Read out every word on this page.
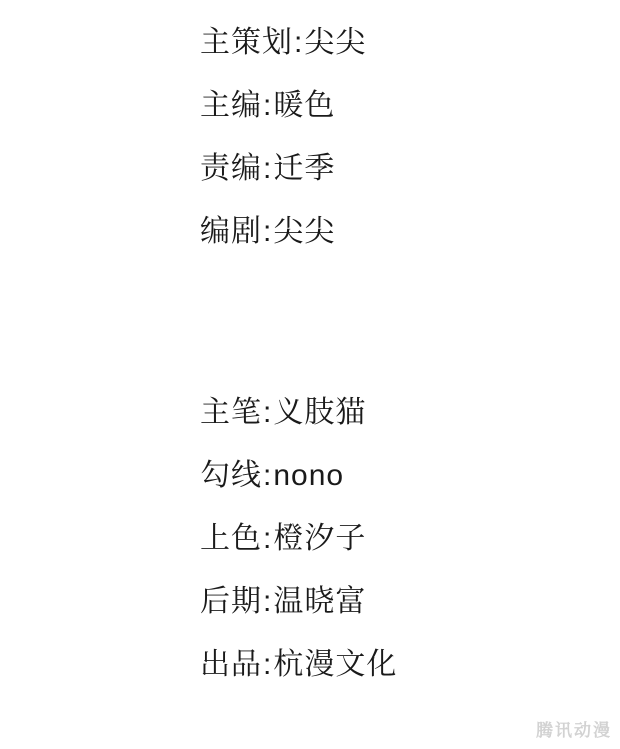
主策划:尖尖
主编:暖色
责编:迁季
编剧:尖尖
主笔:义肢猫
勾线:nono
上色:橙汐子
后期:温晓富
出品:杭漫文化
腾讯动漫
